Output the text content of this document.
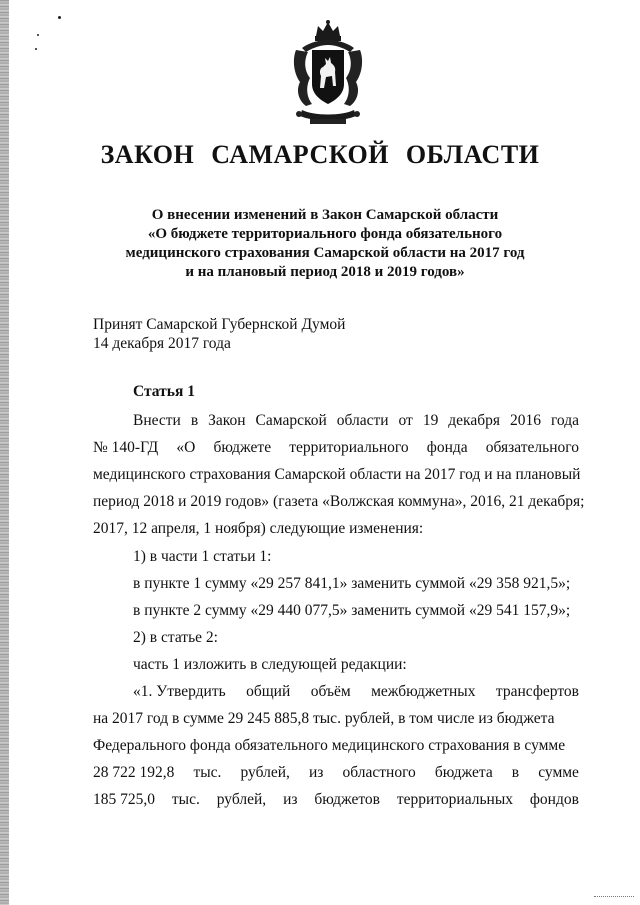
ЗАКОН САМАРСКОЙ ОБЛАСТИ
О внесении изменений в Закон Самарской области
«О бюджете территориального фонда обязательного
медицинского страхования Самарской области на 2017 год
и на плановый период 2018 и 2019 годов»
Принят Самарской Губернской Думой
14 декабря 2017 года
Статья 1
Внести в Закон Самарской области от 19 декабря 2016 года
№ 140-ГД «О бюджете территориального фонда обязательного
медицинского страхования Самарской области на 2017 год и на плановый
период 2018 и 2019 годов» (газета «Волжская коммуна», 2016, 21 декабря;
2017, 12 апреля, 1 ноября) следующие изменения:
1) в части 1 статьи 1:
в пункте 1 сумму «29 257 841,1» заменить суммой «29 358 921,5»;
в пункте 2 сумму «29 440 077,5» заменить суммой «29 541 157,9»;
2) в статье 2:
часть 1 изложить в следующей редакции:
«1. Утвердить общий объём межбюджетных трансфертов
на 2017 год в сумме 29 245 885,8 тыс. рублей, в том числе из бюджета
Федерального фонда обязательного медицинского страхования в сумме
28 722 192,8 тыс. рублей, из областного бюджета в сумме
185 725,0 тыс. рублей, из бюджетов территориальных фондов
